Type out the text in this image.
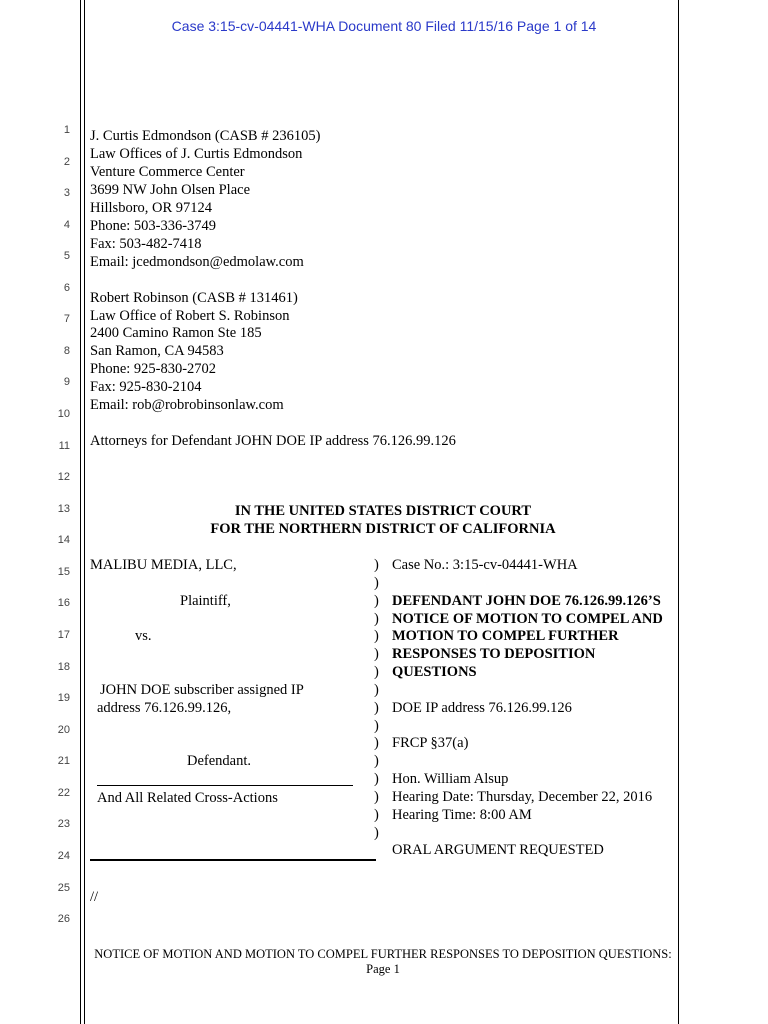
Case 3:15-cv-04441-WHA Document 80 Filed 11/15/16 Page 1 of 14
1
2
3
4
5
6
7
8
9
10
11
12
13
14
15
16
17
18
19
20
21
22
23
24
25
26
J. Curtis Edmondson (CASB # 236105)
Law Offices of J. Curtis Edmondson
Venture Commerce Center
3699 NW John Olsen Place
Hillsboro, OR 97124
Phone: 503-336-3749
Fax: 503-482-7418
Email: jcedmondson@edmolaw.com
Robert Robinson (CASB # 131461)
Law Office of Robert S. Robinson
2400 Camino Ramon Ste 185
San Ramon, CA 94583
Phone: 925-830-2702
Fax: 925-830-2104
Email: rob@robrobinsonlaw.com
Attorneys for Defendant JOHN DOE IP address 76.126.99.126
IN THE UNITED STATES DISTRICT COURT
FOR THE NORTHERN DISTRICT OF CALIFORNIA
MALIBU MEDIA, LLC,
Plaintiff,
vs.
JOHN DOE subscriber assigned IP
address 76.126.99.126,
Defendant.
And All Related Cross-Actions
)
)
)
)
)
)
)
)
)
)
)
)
)
)
)
)
Case No.: 3:15-cv-04441-WHA
DEFENDANT JOHN DOE 76.126.99.126’S
NOTICE OF MOTION TO COMPEL AND
MOTION TO COMPEL FURTHER
RESPONSES TO DEPOSITION
QUESTIONS
DOE IP address 76.126.99.126
FRCP §37(a)
Hon. William Alsup
Hearing Date: Thursday, December 22, 2016
Hearing Time: 8:00 AM
ORAL ARGUMENT REQUESTED
//
NOTICE OF MOTION AND MOTION TO COMPEL FURTHER RESPONSES TO DEPOSITION QUESTIONS:
Page 1
